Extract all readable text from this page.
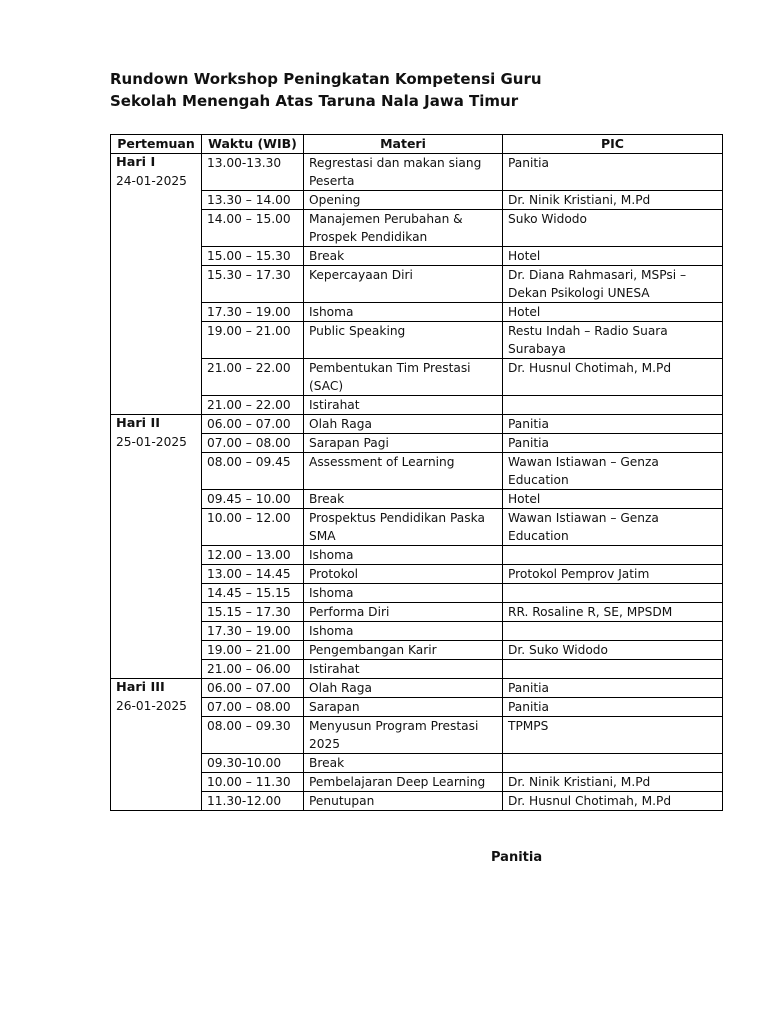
Rundown Workshop Peningkatan Kompetensi Guru
Sekolah Menengah Atas Taruna Nala Jawa Timur
Pertemuan	Waktu (WIB)	Materi	PIC

Hari I
24-01-2025	13.00-13.30	Regrestasi dan makan siang Peserta	Panitia
	13.30 – 14.00	Opening	Dr. Ninik Kristiani, M.Pd
	14.00 – 15.00	Manajemen Perubahan & Prospek Pendidikan	Suko Widodo
	15.00 – 15.30	Break	Hotel
	15.30 – 17.30	Kepercayaan Diri	Dr. Diana Rahmasari, MSPsi – Dekan Psikologi UNESA
	17.30 – 19.00	Ishoma	Hotel
	19.00 – 21.00	Public Speaking	Restu Indah – Radio Suara Surabaya
	21.00 – 22.00	Pembentukan Tim Prestasi (SAC)	Dr. Husnul Chotimah, M.Pd
	21.00 – 22.00	Istirahat	

Hari II
25-01-2025	06.00 – 07.00	Olah Raga	Panitia
	07.00 – 08.00	Sarapan Pagi	Panitia
	08.00 – 09.45	Assessment of Learning	Wawan Istiawan – Genza Education
	09.45 – 10.00	Break	Hotel
	10.00 – 12.00	Prospektus Pendidikan Paska SMA	Wawan Istiawan – Genza Education
	12.00 – 13.00	Ishoma	
	13.00 – 14.45	Protokol	Protokol Pemprov Jatim
	14.45 – 15.15	Ishoma	
	15.15 – 17.30	Performa Diri	RR. Rosaline R, SE, MPSDM
	17.30 – 19.00	Ishoma	
	19.00 – 21.00	Pengembangan Karir	Dr. Suko Widodo
	21.00 – 06.00	Istirahat	

Hari III
26-01-2025	06.00 – 07.00	Olah Raga	Panitia
	07.00 – 08.00	Sarapan	Panitia
	08.00 – 09.30	Menyusun Program Prestasi 2025	TPMPS
	09.30-10.00	Break	
	10.00 – 11.30	Pembelajaran Deep Learning	Dr. Ninik Kristiani, M.Pd
	11.30-12.00	Penutupan	Dr. Husnul Chotimah, M.Pd
Panitia
